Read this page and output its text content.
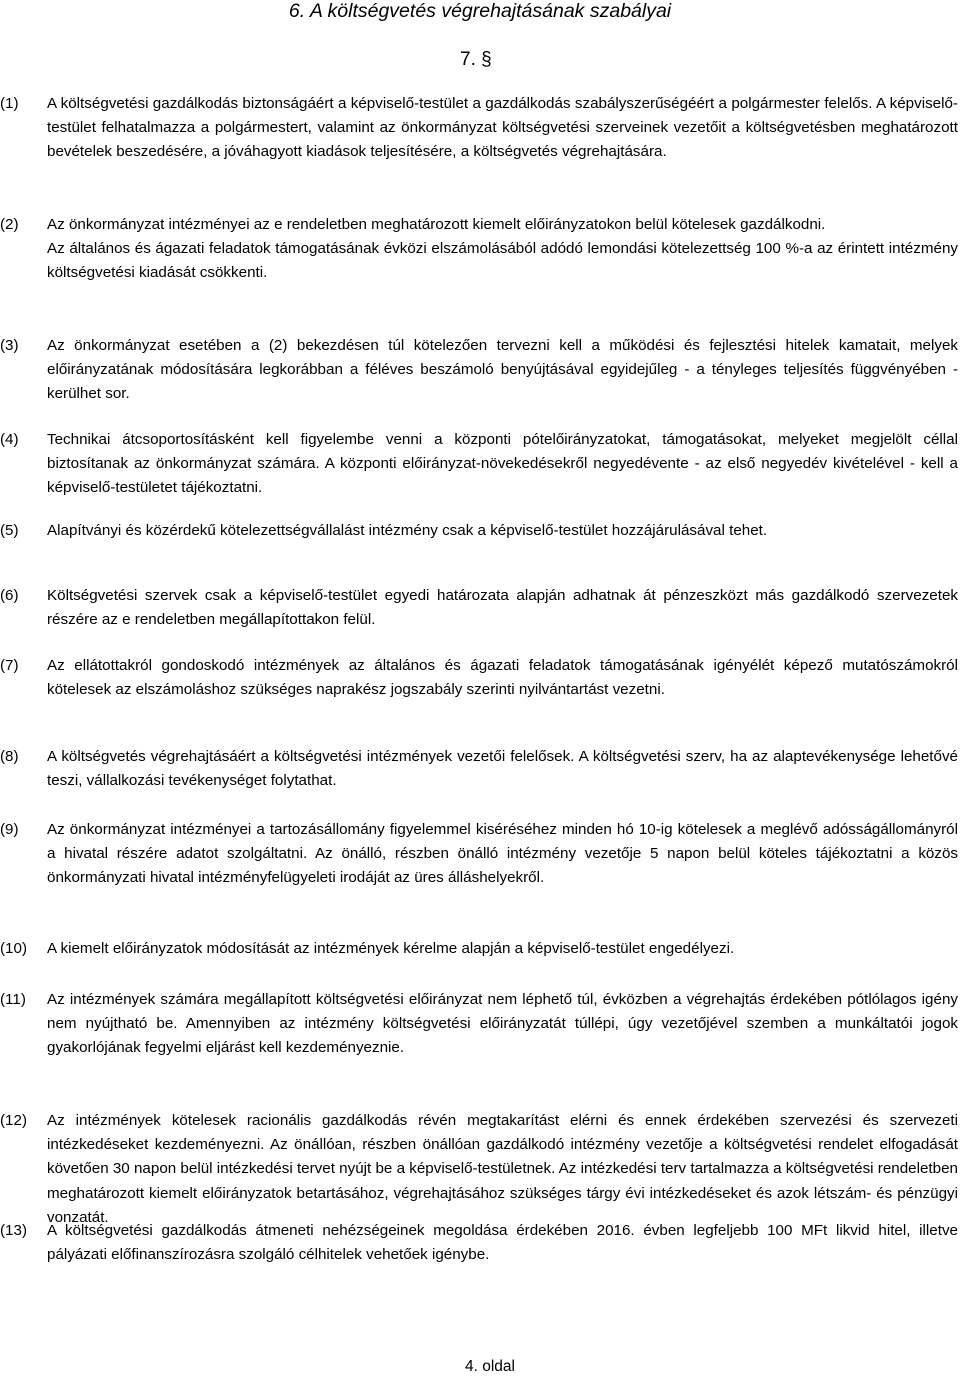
6. A költségvetés végrehajtásának szabályai
7. §
(1) A költségvetési gazdálkodás biztonságáért a képviselő-testület a gazdálkodás szabályszerűségéért a polgármester felelős. A képviselő-testület felhatalmazza a polgármestert, valamint az önkormányzat költségvetési szerveinek vezetőit a költségvetésben meghatározott bevételek beszedésére, a jóváhagyott kiadások teljesítésére, a költségvetés végrehajtására.

(2) Az önkormányzat intézményei az e rendeletben meghatározott kiemelt előirányzatokon belül kötelesek gazdálkodni.

Az általános és ágazati feladatok támogatásának évközi elszámolásából adódó lemondási kötelezettség 100 %-a az érintett intézmény költségvetési kiadását csökkenti.

(3) Az önkormányzat esetében a (2) bekezdésen túl kötelezően tervezni kell a működési és fejlesztési hitelek kamatait, melyek előirányzatának módosítására legkorábban a féléves beszámoló benyújtásával egyidejűleg - a tényleges teljesítés függvényében - kerülhet sor.

(4) Technikai átcsoportosításként kell figyelembe venni a központi pótelőirányzatokat, támogatásokat, melyeket megjelölt céllal biztosítanak az önkormányzat számára. A központi előirányzat-növekedésekről negyedévente - az első negyedév kivételével - kell a képviselő-testületet tájékoztatni.

(5) Alapítványi és közérdekű kötelezettségvállalást intézmény csak a képviselő-testület hozzájárulásával tehet.

(6) Költségvetési szervek csak a képviselő-testület egyedi határozata alapján adhatnak át pénzeszközt más gazdálkodó szervezetek részére az e rendeletben megállapítottakon felül.

(7) Az ellátottakról gondoskodó intézmények az általános és ágazati feladatok támogatásának igényélét képező mutatószámokról kötelesek az elszámoláshoz szükséges naprakész jogszabály szerinti nyilvántartást vezetni.

(8) A költségvetés végrehajtásáért a költségvetési intézmények vezetői felelősek. A költségvetési szerv, ha az alaptevékenysége lehetővé teszi, vállalkozási tevékenységet folytathat.

(9) Az önkormányzat intézményei a tartozásállomány figyelemmel kiséréséhez minden hó 10-ig kötelesek a meglévő adósságállományról a hivatal részére adatot szolgáltatni. Az önálló, részben önálló intézmény vezetője 5 napon belül köteles tájékoztatni a közös önkormányzati hivatal intézményfelügyeleti irodáját az üres álláshelyekről.

(10) A kiemelt előirányzatok módosítását az intézmények kérelme alapján a képviselő-testület engedélyezi.

(11) Az intézmények számára megállapított költségvetési előirányzat nem léphető túl, évközben a végrehajtás érdekében pótlólagos igény nem nyújtható be. Amennyiben az intézmény költségvetési előirányzatát túllépi, úgy vezetőjével szemben a munkáltatói jogok gyakorlójának fegyelmi eljárást kell kezdeményeznie.

(12) Az intézmények kötelesek racionális gazdálkodás révén megtakarítást elérni és ennek érdekében szervezési és szervezeti intézkedéseket kezdeményezni. Az önállóan, részben önállóan gazdálkodó intézmény vezetője a költségvetési rendelet elfogadását követően 30 napon belül intézkedési tervet nyújt be a képviselő-testületnek. Az intézkedési terv tartalmazza a költségvetési rendeletben meghatározott kiemelt előirányzatok betartásához, végrehajtásához szükséges tárgy évi intézkedéseket és azok létszám- és pénzügyi vonzatát.

(13) A költségvetési gazdálkodás átmeneti nehézségeinek megoldása érdekében 2016. évben legfeljebb 100 MFt likvid hitel, illetve pályázati előfinanszírozásra szolgáló célhitelek vehetőek igénybe.

4. oldal
